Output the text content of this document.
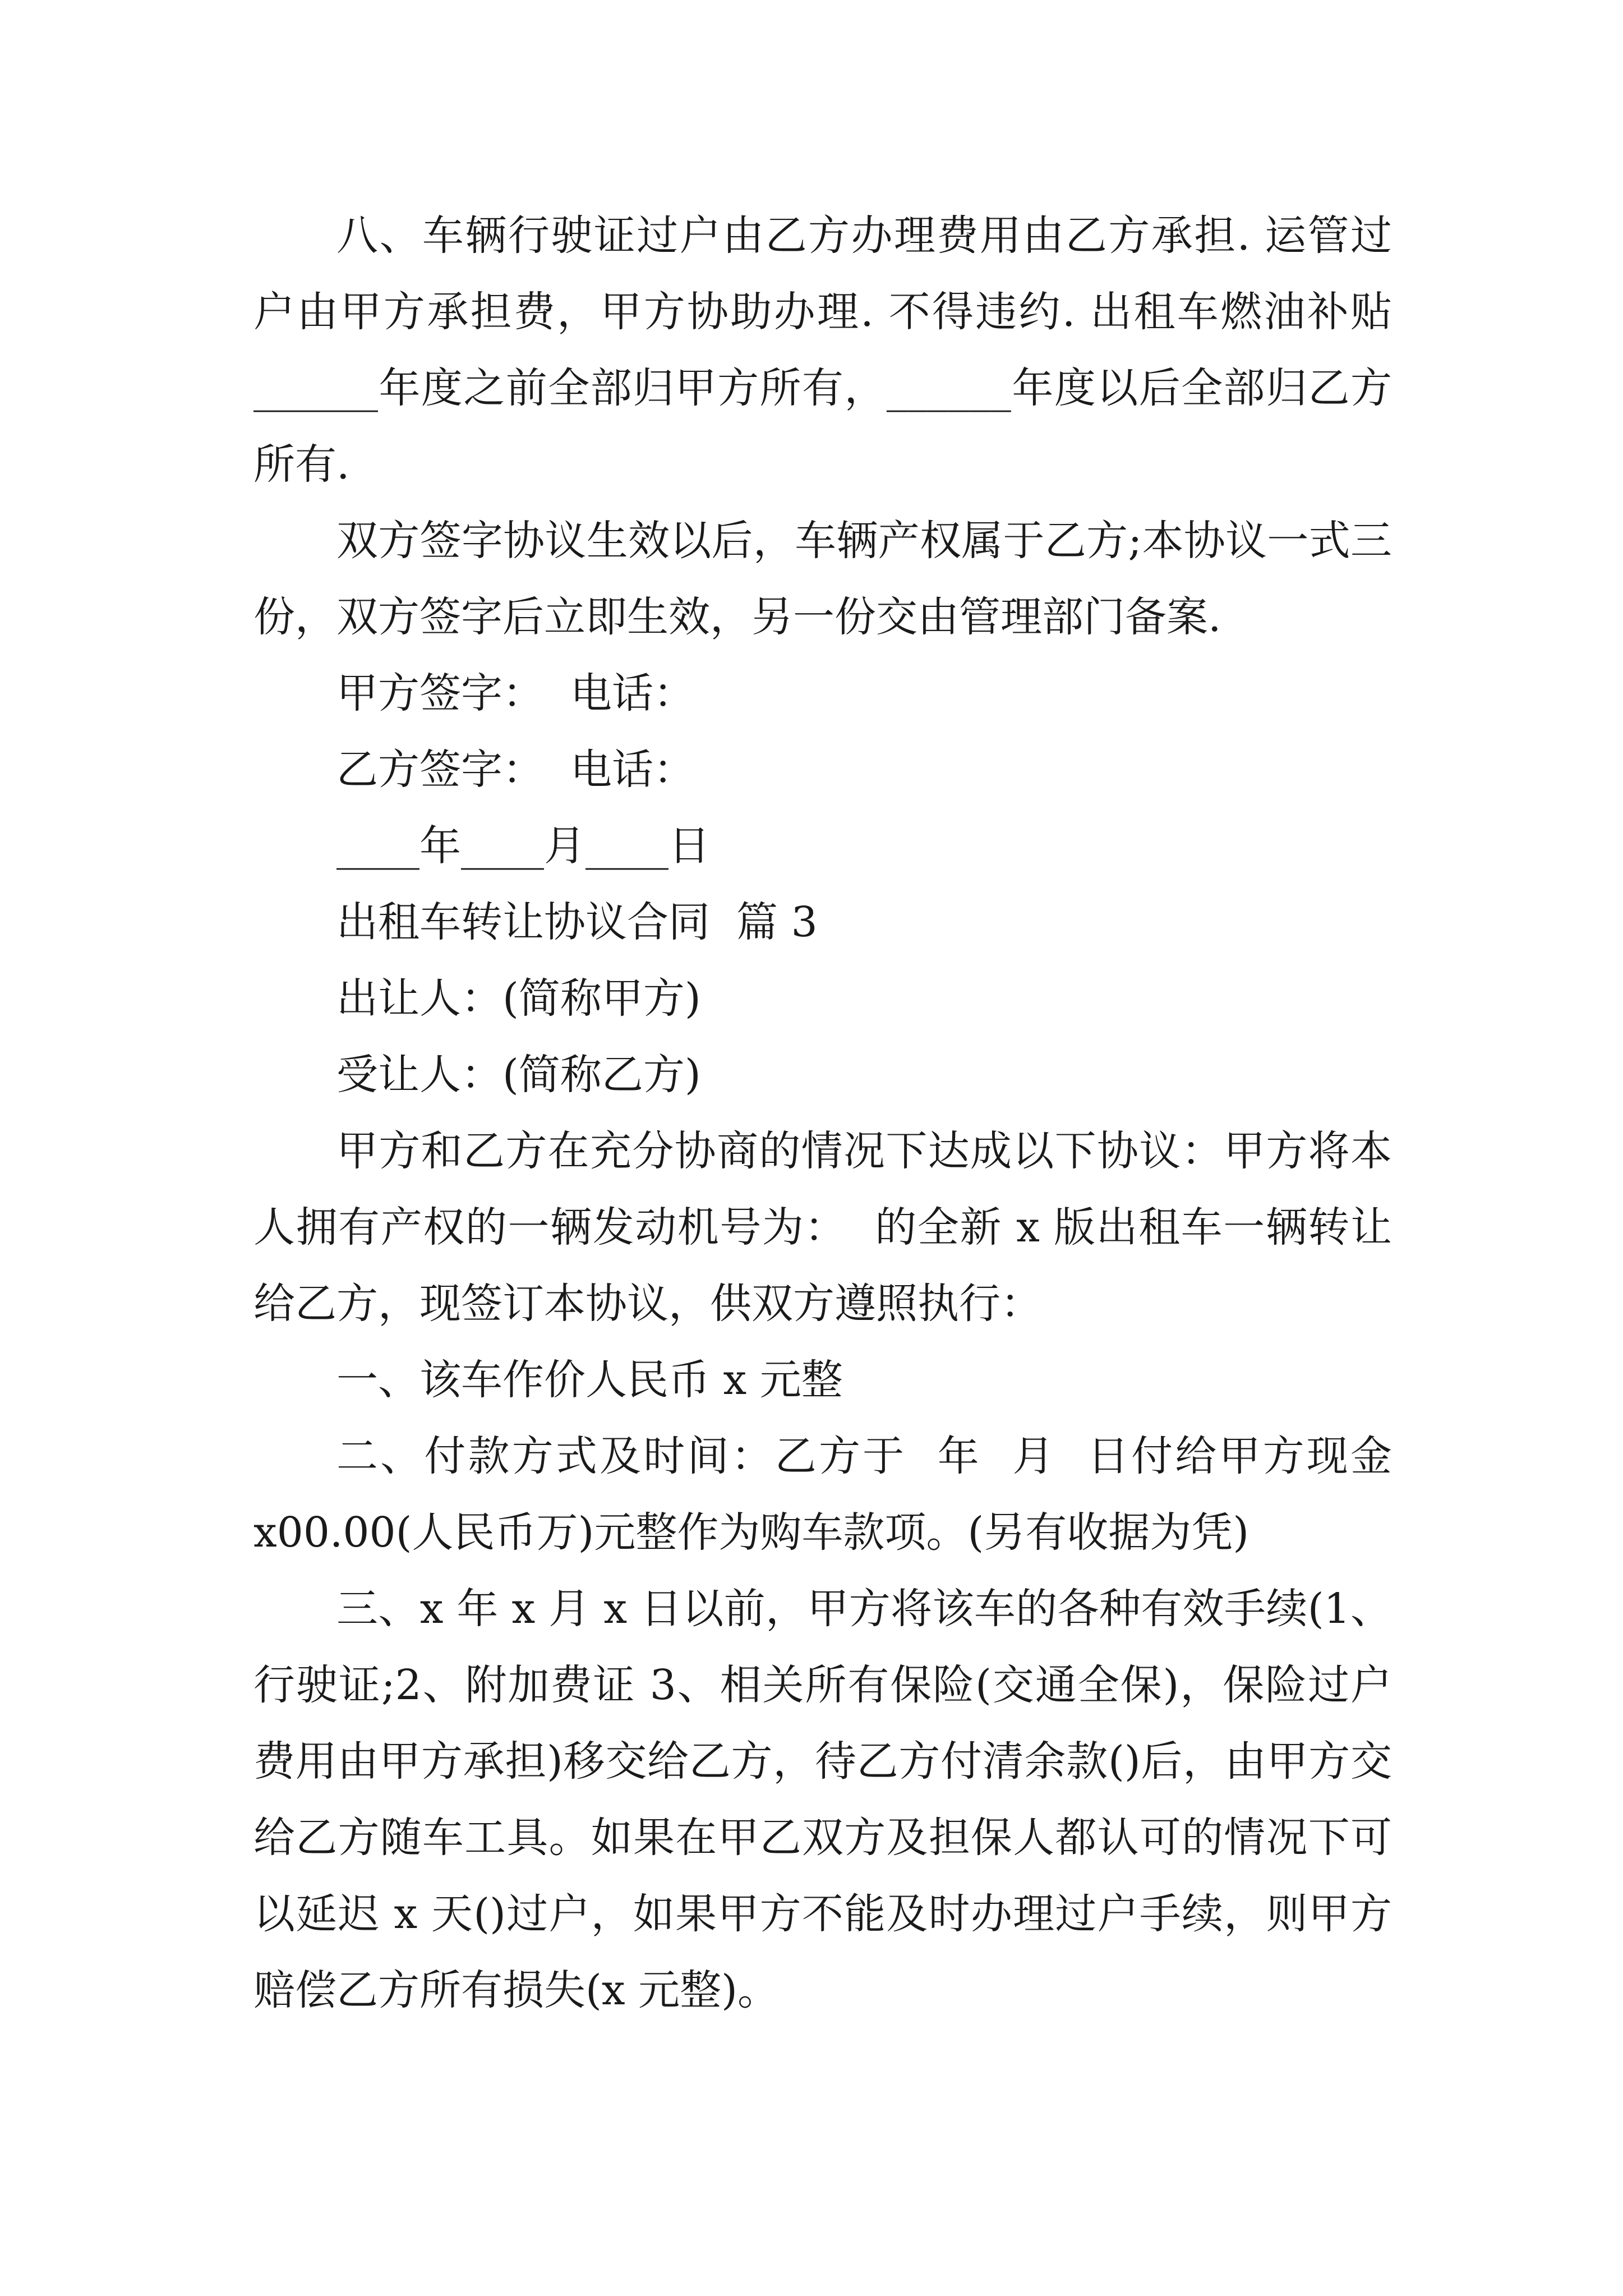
八、车辆行驶证过户由乙方办理费用由乙方承担. 运管过户由甲方承担费，甲方协助办理. 不得违约. 出租车燃油补贴______年度之前全部归甲方所有，______年度以后全部归乙方所有.

双方签字协议生效以后，车辆产权属于乙方;本协议一式三份，双方签字后立即生效，另一份交由管理部门备案.

甲方签字：  电话：

乙方签字：  电话：

____年____月____日

出租车转让协议合同  篇 3

出让人：(简称甲方)

受让人：(简称乙方)

甲方和乙方在充分协商的情况下达成以下协议：甲方将本人拥有产权的一辆发动机号为：  的全新 x 版出租车一辆转让给乙方，现签订本协议，供双方遵照执行：

一、该车作价人民币 x 元整

二、付款方式及时间：乙方于  年  月  日付给甲方现金 x00.00(人民币万)元整作为购车款项。(另有收据为凭)

三、x 年 x 月 x 日以前，甲方将该车的各种有效手续(1、行驶证;2、附加费证 3、相关所有保险(交通全保)，保险过户费用由甲方承担)移交给乙方，待乙方付清余款()后，由甲方交给乙方随车工具。如果在甲乙双方及担保人都认可的情况下可以延迟 x 天()过户，如果甲方不能及时办理过户手续，则甲方赔偿乙方所有损失(x 元整)。
